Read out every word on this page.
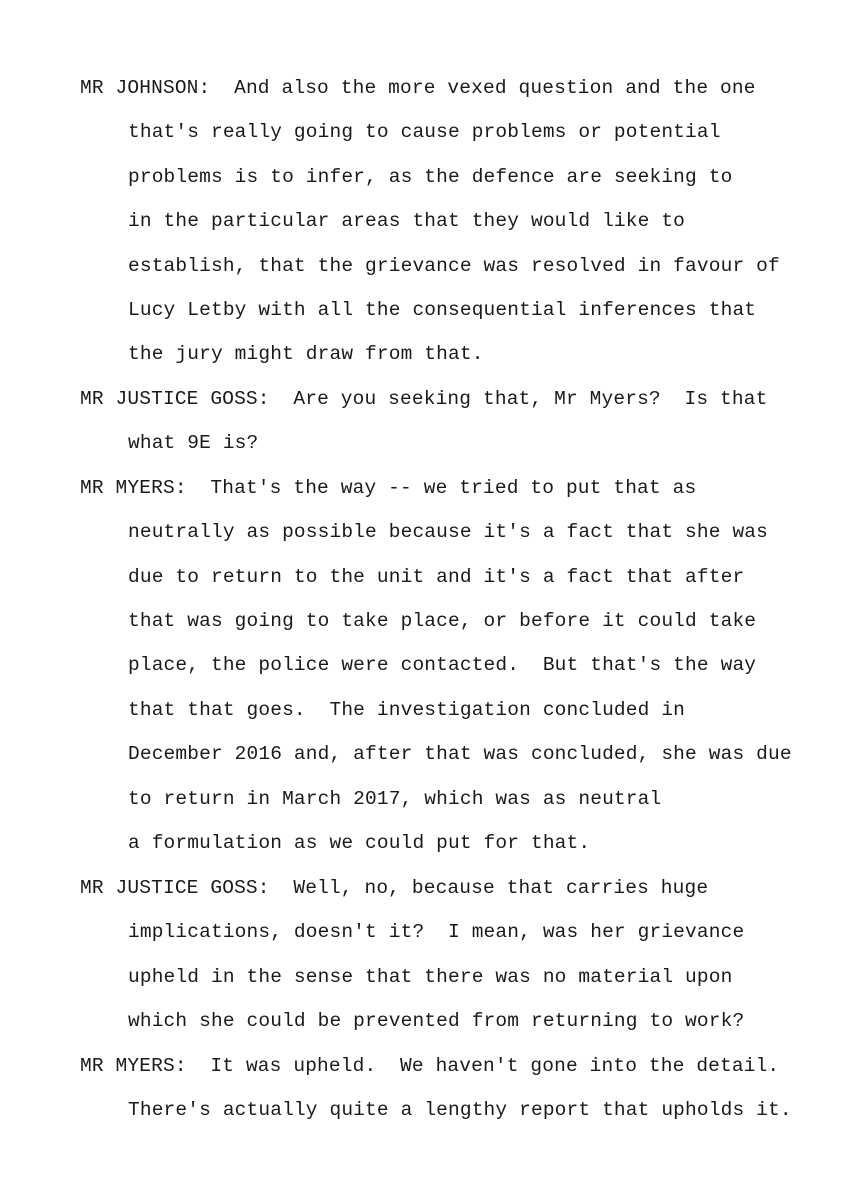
MR JOHNSON: And also the more vexed question and the one
that's really going to cause problems or potential
problems is to infer, as the defence are seeking to
in the particular areas that they would like to
establish, that the grievance was resolved in favour of
Lucy Letby with all the consequential inferences that
the jury might draw from that.
MR JUSTICE GOSS: Are you seeking that, Mr Myers?  Is that
what 9E is?
MR MYERS: That's the way -- we tried to put that as
neutrally as possible because it's a fact that she was
due to return to the unit and it's a fact that after
that was going to take place, or before it could take
place, the police were contacted.  But that's the way
that that goes.  The investigation concluded in
December 2016 and, after that was concluded, she was due
to return in March 2017, which was as neutral
a formulation as we could put for that.
MR JUSTICE GOSS: Well, no, because that carries huge
implications, doesn't it?  I mean, was her grievance
upheld in the sense that there was no material upon
which she could be prevented from returning to work?
MR MYERS: It was upheld.  We haven't gone into the detail.
There's actually quite a lengthy report that upholds it.
